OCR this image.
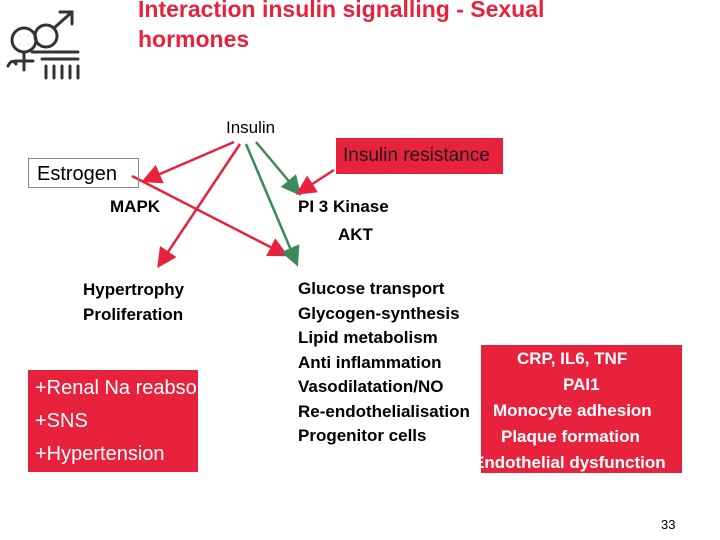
Interaction insulin signalling - Sexual
hormones
Insulin
Insulin resistance
Estrogen
MAPK	PI 3 Kinase
AKT
Hypertrophy
Proliferation
Glucose transport
Glycogen-synthesis
Lipid metabolism
Anti inflammation
Vasodilatation/NO
Re-endothelialisation
Progenitor cells
+Renal Na reabsorption
+SNS
+Hypertension
CRP, IL6, TNF
PAI1
Monocyte adhesion
Plaque formation
Endothelial dysfunction
33
